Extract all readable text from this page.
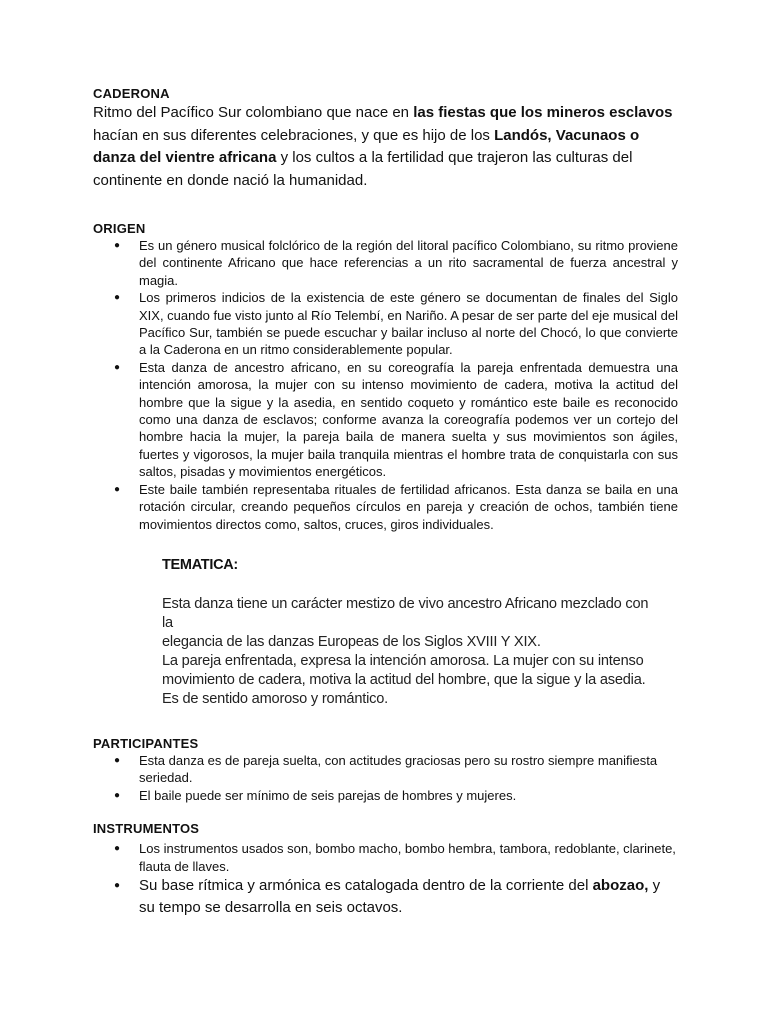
CADERONA

Ritmo del Pacífico Sur colombiano que nace en las fiestas que los mineros esclavos hacían en sus diferentes celebraciones, y que es hijo de los Landós, Vacunaos o danza del vientre africana y los cultos a la fertilidad que trajeron las culturas del continente en donde nació la humanidad.

ORIGEN

● Es un género musical folclórico de la región del litoral pacífico Colombiano, su ritmo proviene del continente Africano que hace referencias a un rito sacramental de fuerza ancestral y magia.
● Los primeros indicios de la existencia de este género se documentan de finales del Siglo XIX, cuando fue visto junto al Río Telembí, en Nariño. A pesar de ser parte del eje musical del Pacífico Sur, también se puede escuchar y bailar incluso al norte del Chocó, lo que convierte a la Caderona en un ritmo considerablemente popular.
● Esta danza de ancestro africano, en su coreografía la pareja enfrentada demuestra una intención amorosa, la mujer con su intenso movimiento de cadera, motiva la actitud del hombre que la sigue y la asedia, en sentido coqueto y romántico este baile es reconocido como una danza de esclavos; conforme avanza la coreografía podemos ver un cortejo del hombre hacia la mujer, la pareja baila de manera suelta y sus movimientos son ágiles, fuertes y vigorosos, la mujer baila tranquila mientras el hombre trata de conquistarla con sus saltos, pisadas y movimientos energéticos.
● Este baile también representaba rituales de fertilidad africanos. Esta danza se baila en una rotación circular, creando pequeños círculos en pareja y creación de ochos, también tiene movimientos directos como, saltos, cruces, giros individuales.
TEMATICA:

Esta danza tiene un carácter mestizo de vivo ancestro Africano mezclado con la

elegancia de las danzas Europeas de los Siglos XVIII Y XIX.

La pareja enfrentada, expresa la intención amorosa. La mujer con su intenso

movimiento de cadera, motiva la actitud del hombre, que la sigue y la asedia.

Es de sentido amoroso y romántico.

PARTICIPANTES

● Esta danza es de pareja suelta, con actitudes graciosas pero su rostro siempre manifiesta seriedad.
● El baile puede ser mínimo de seis parejas de hombres y mujeres.

INSTRUMENTOS

● Los instrumentos usados son, bombo macho, bombo hembra, tambora, redoblante, clarinete, flauta de llaves.
● Su base rítmica y armónica es catalogada dentro de la corriente del abozao, y su tempo se desarrolla en seis octavos.
